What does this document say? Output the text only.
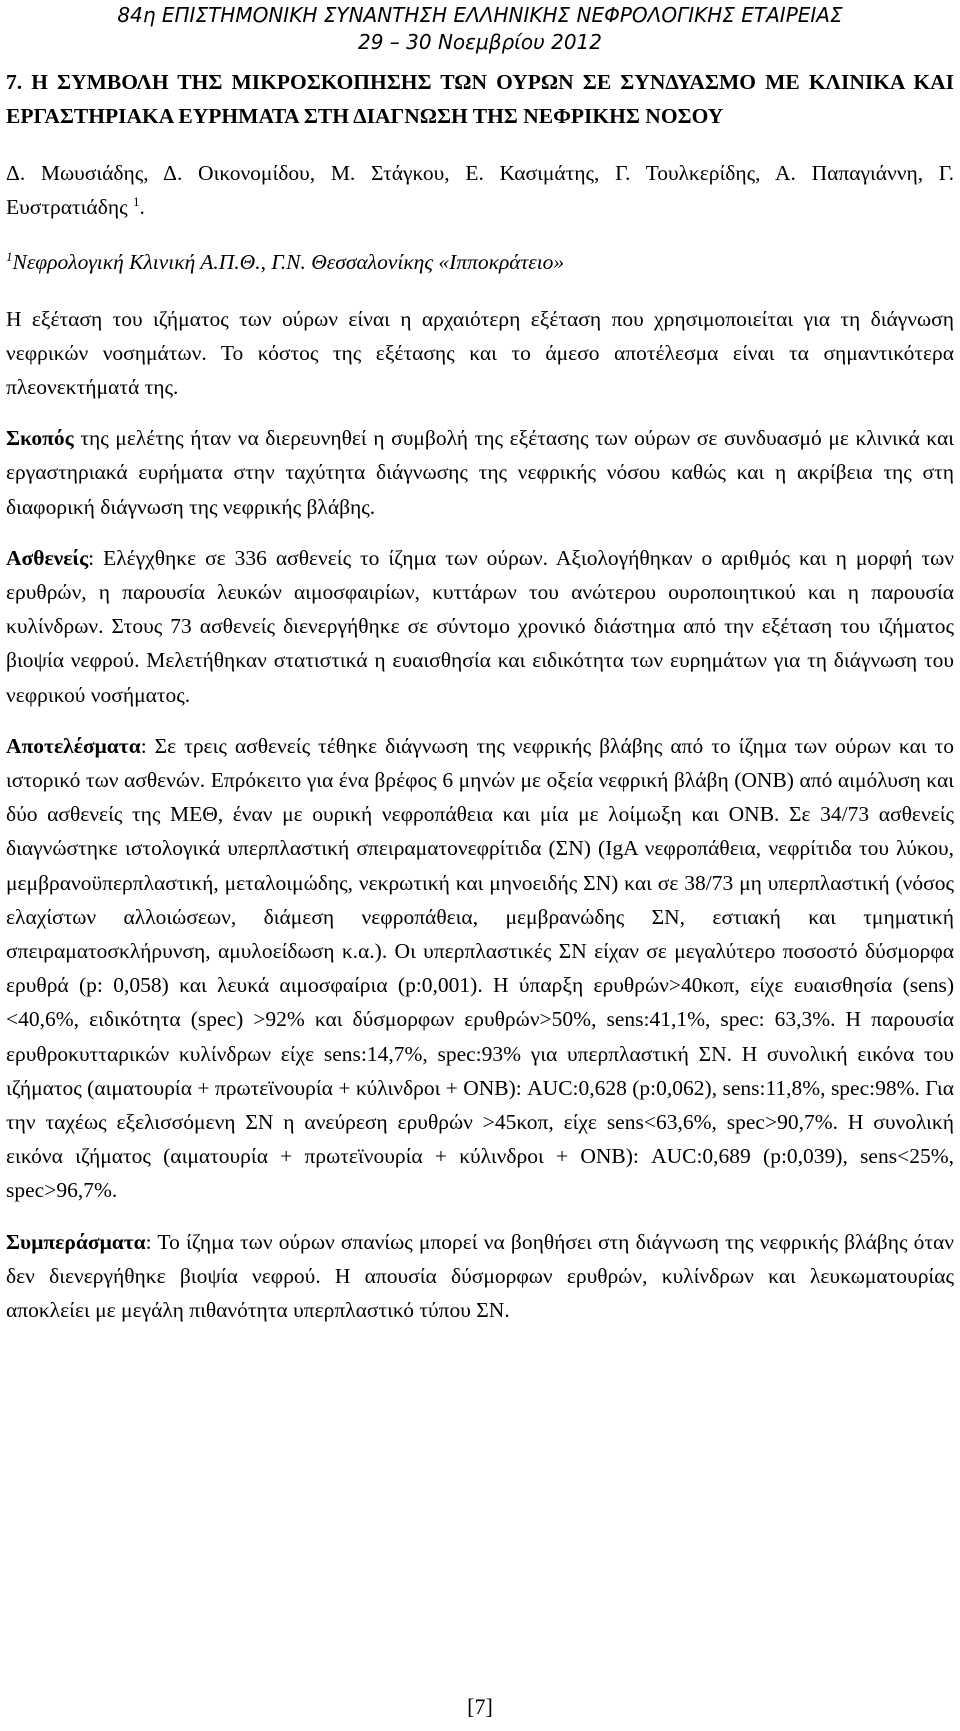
84η ΕΠΙΣΤΗΜΟΝΙΚΗ ΣΥΝΑΝΤΗΣΗ ΕΛΛΗΝΙΚΗΣ ΝΕΦΡΟΛΟΓΙΚΗΣ ΕΤΑΙΡΕΙΑΣ
29 – 30 Νοεμβρίου 2012
7. Η ΣΥΜΒΟΛΗ ΤΗΣ ΜΙΚΡΟΣΚΟΠΗΣΗΣ ΤΩΝ ΟΥΡΩΝ ΣΕ ΣΥΝΔΥΑΣΜΟ ΜΕ ΚΛΙΝΙΚΑ ΚΑΙ ΕΡΓΑΣΤΗΡΙΑΚΑ ΕΥΡΗΜΑΤΑ ΣΤΗ ΔΙΑΓΝΩΣΗ ΤΗΣ ΝΕΦΡΙΚΗΣ ΝΟΣΟΥ
Δ. Μωυσιάδης, Δ. Οικονομίδου, Μ. Στάγκου, Ε. Κασιμάτης, Γ. Τουλκερίδης, Α. Παπαγιάννη, Γ. Ευστρατιάδης $^1$.
$^1$Νεφρολογική Κλινική Α.Π.Θ., Γ.Ν. Θεσσαλονίκης «Ιπποκράτειο»

Η εξέταση του ιζήματος των ούρων είναι η αρχαιότερη εξέταση που χρησιμοποιείται για τη διάγνωση νεφρικών νοσημάτων. Το κόστος της εξέτασης και το άμεσο αποτέλεσμα είναι τα σημαντικότερα πλεονεκτήματά της.

Σκοπός της μελέτης ήταν να διερευνηθεί η συμβολή της εξέτασης των ούρων σε συνδυασμό με κλινικά και εργαστηριακά ευρήματα στην ταχύτητα διάγνωσης της νεφρικής νόσου καθώς και η ακρίβεια της στη διαφορική διάγνωση της νεφρικής βλάβης.

Ασθενείς: Ελέγχθηκε σε 336 ασθενείς το ίζημα των ούρων. Αξιολογήθηκαν ο αριθμός και η μορφή των ερυθρών, η παρουσία λευκών αιμοσφαιρίων, κυττάρων του ανώτερου ουροποιητικού και η παρουσία κυλίνδρων. Στους 73 ασθενείς διενεργήθηκε σε σύντομο χρονικό διάστημα από την εξέταση του ιζήματος βιοψία νεφρού. Μελετήθηκαν στατιστικά η ευαισθησία και ειδικότητα των ευρημάτων για τη διάγνωση του νεφρικού νοσήματος.

Αποτελέσματα: Σε τρεις ασθενείς τέθηκε διάγνωση της νεφρικής βλάβης από το ίζημα των ούρων και το ιστορικό των ασθενών. Επρόκειτο για ένα βρέφος 6 μηνών με οξεία νεφρική βλάβη (ΟΝΒ) από αιμόλυση και δύο ασθενείς της ΜΕΘ, έναν με ουρική νεφροπάθεια και μία με λοίμωξη και ΟΝΒ. Σε 34/73 ασθενείς διαγνώστηκε ιστολογικά υπερπλαστική σπειραματονεφρίτιδα (ΣΝ) (IgA νεφροπάθεια, νεφρίτιδα του λύκου, μεμβρανοϋπερπλαστική, μεταλοιμώδης, νεκρωτική και μηνοειδής ΣΝ) και σε 38/73 μη υπερπλαστική (νόσος ελαχίστων αλλοιώσεων, διάμεση νεφροπάθεια, μεμβρανώδης ΣΝ, εστιακή και τμηματική σπειραματοσκλήρυνση, αμυλοείδωση κ.α.). Οι υπερπλαστικές ΣΝ είχαν σε μεγαλύτερο ποσοστό δύσμορφα ερυθρά (p: 0,058) και λευκά αιμοσφαίρια (p:0,001). Η ύπαρξη ερυθρών>40κοπ, είχε ευαισθησία (sens) <40,6%, ειδικότητα (spec) >92% και δύσμορφων ερυθρών>50%, sens:41,1%, spec: 63,3%. Η παρουσία ερυθροκυτταρικών κυλίνδρων είχε sens:14,7%, spec:93% για υπερπλαστική ΣΝ. Η συνολική εικόνα του ιζήματος (αιματουρία + πρωτεϊνουρία + κύλινδροι + ΟΝΒ): AUC:0,628 (p:0,062), sens:11,8%, spec:98%. Για την ταχέως εξελισσόμενη ΣΝ η ανεύρεση ερυθρών >45κοπ, είχε sens<63,6%, spec>90,7%. Η συνολική εικόνα ιζήματος (αιματουρία + πρωτεϊνουρία + κύλινδροι + ΟΝΒ): AUC:0,689 (p:0,039), sens<25%, spec>96,7%.

Συμπεράσματα: Το ίζημα των ούρων σπανίως μπορεί να βοηθήσει στη διάγνωση της νεφρικής βλάβης όταν δεν διενεργήθηκε βιοψία νεφρού. Η απουσία δύσμορφων ερυθρών, κυλίνδρων και λευκωματουρίας αποκλείει με μεγάλη πιθανότητα υπερπλαστικό τύπου ΣΝ.

[7]
